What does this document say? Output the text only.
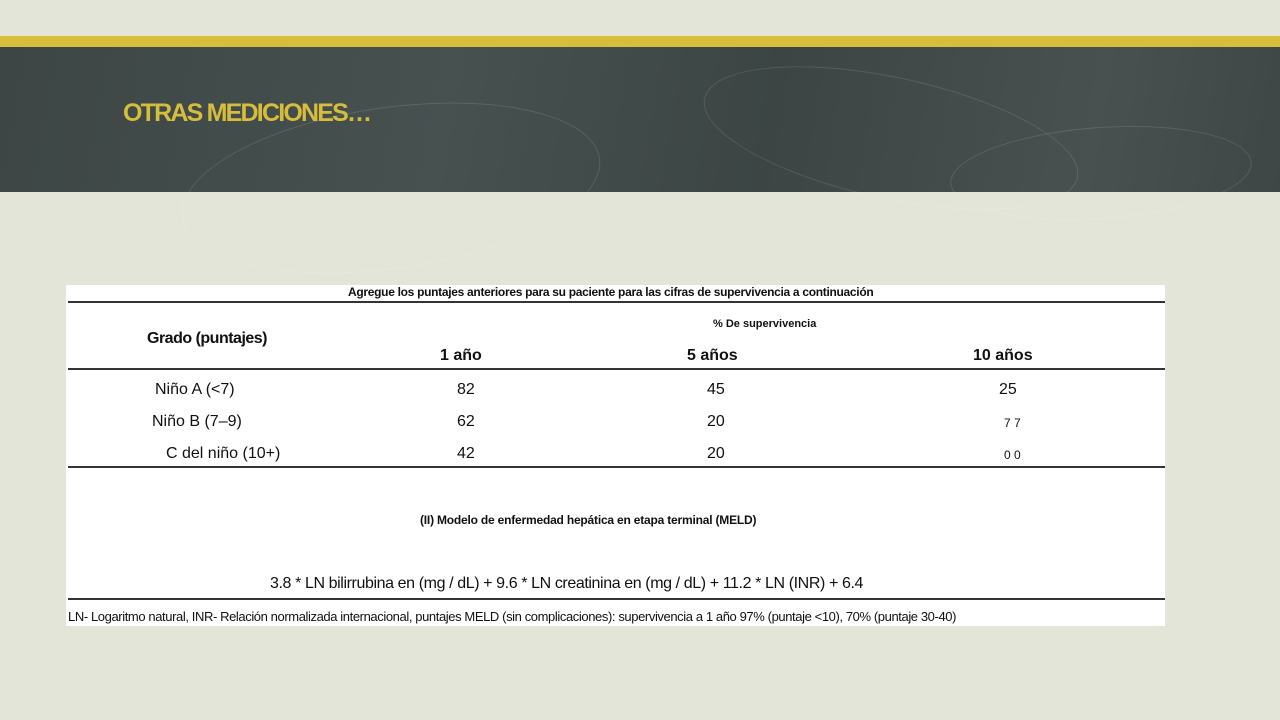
OTRAS MEDICIONES…
Agregue los puntajes anteriores para su paciente para las cifras de supervivencia a continuación
Grado (puntajes)
% De supervivencia
1 año	5 años	10 años
Niño A (<7)	82	45	25
Niño B (7–9)	62	20	7 7
C del niño (10+)	42	20	0 0
(II) Modelo de enfermedad hepática en etapa terminal (MELD)
3.8 * LN bilirrubina en (mg / dL) + 9.6 * LN creatinina en (mg / dL) + 11.2 * LN (INR) + 6.4
LN- Logaritmo natural, INR- Relación normalizada internacional, puntajes MELD (sin complicaciones): supervivencia a 1 año 97% (puntaje <10), 70% (puntaje 30-40)
